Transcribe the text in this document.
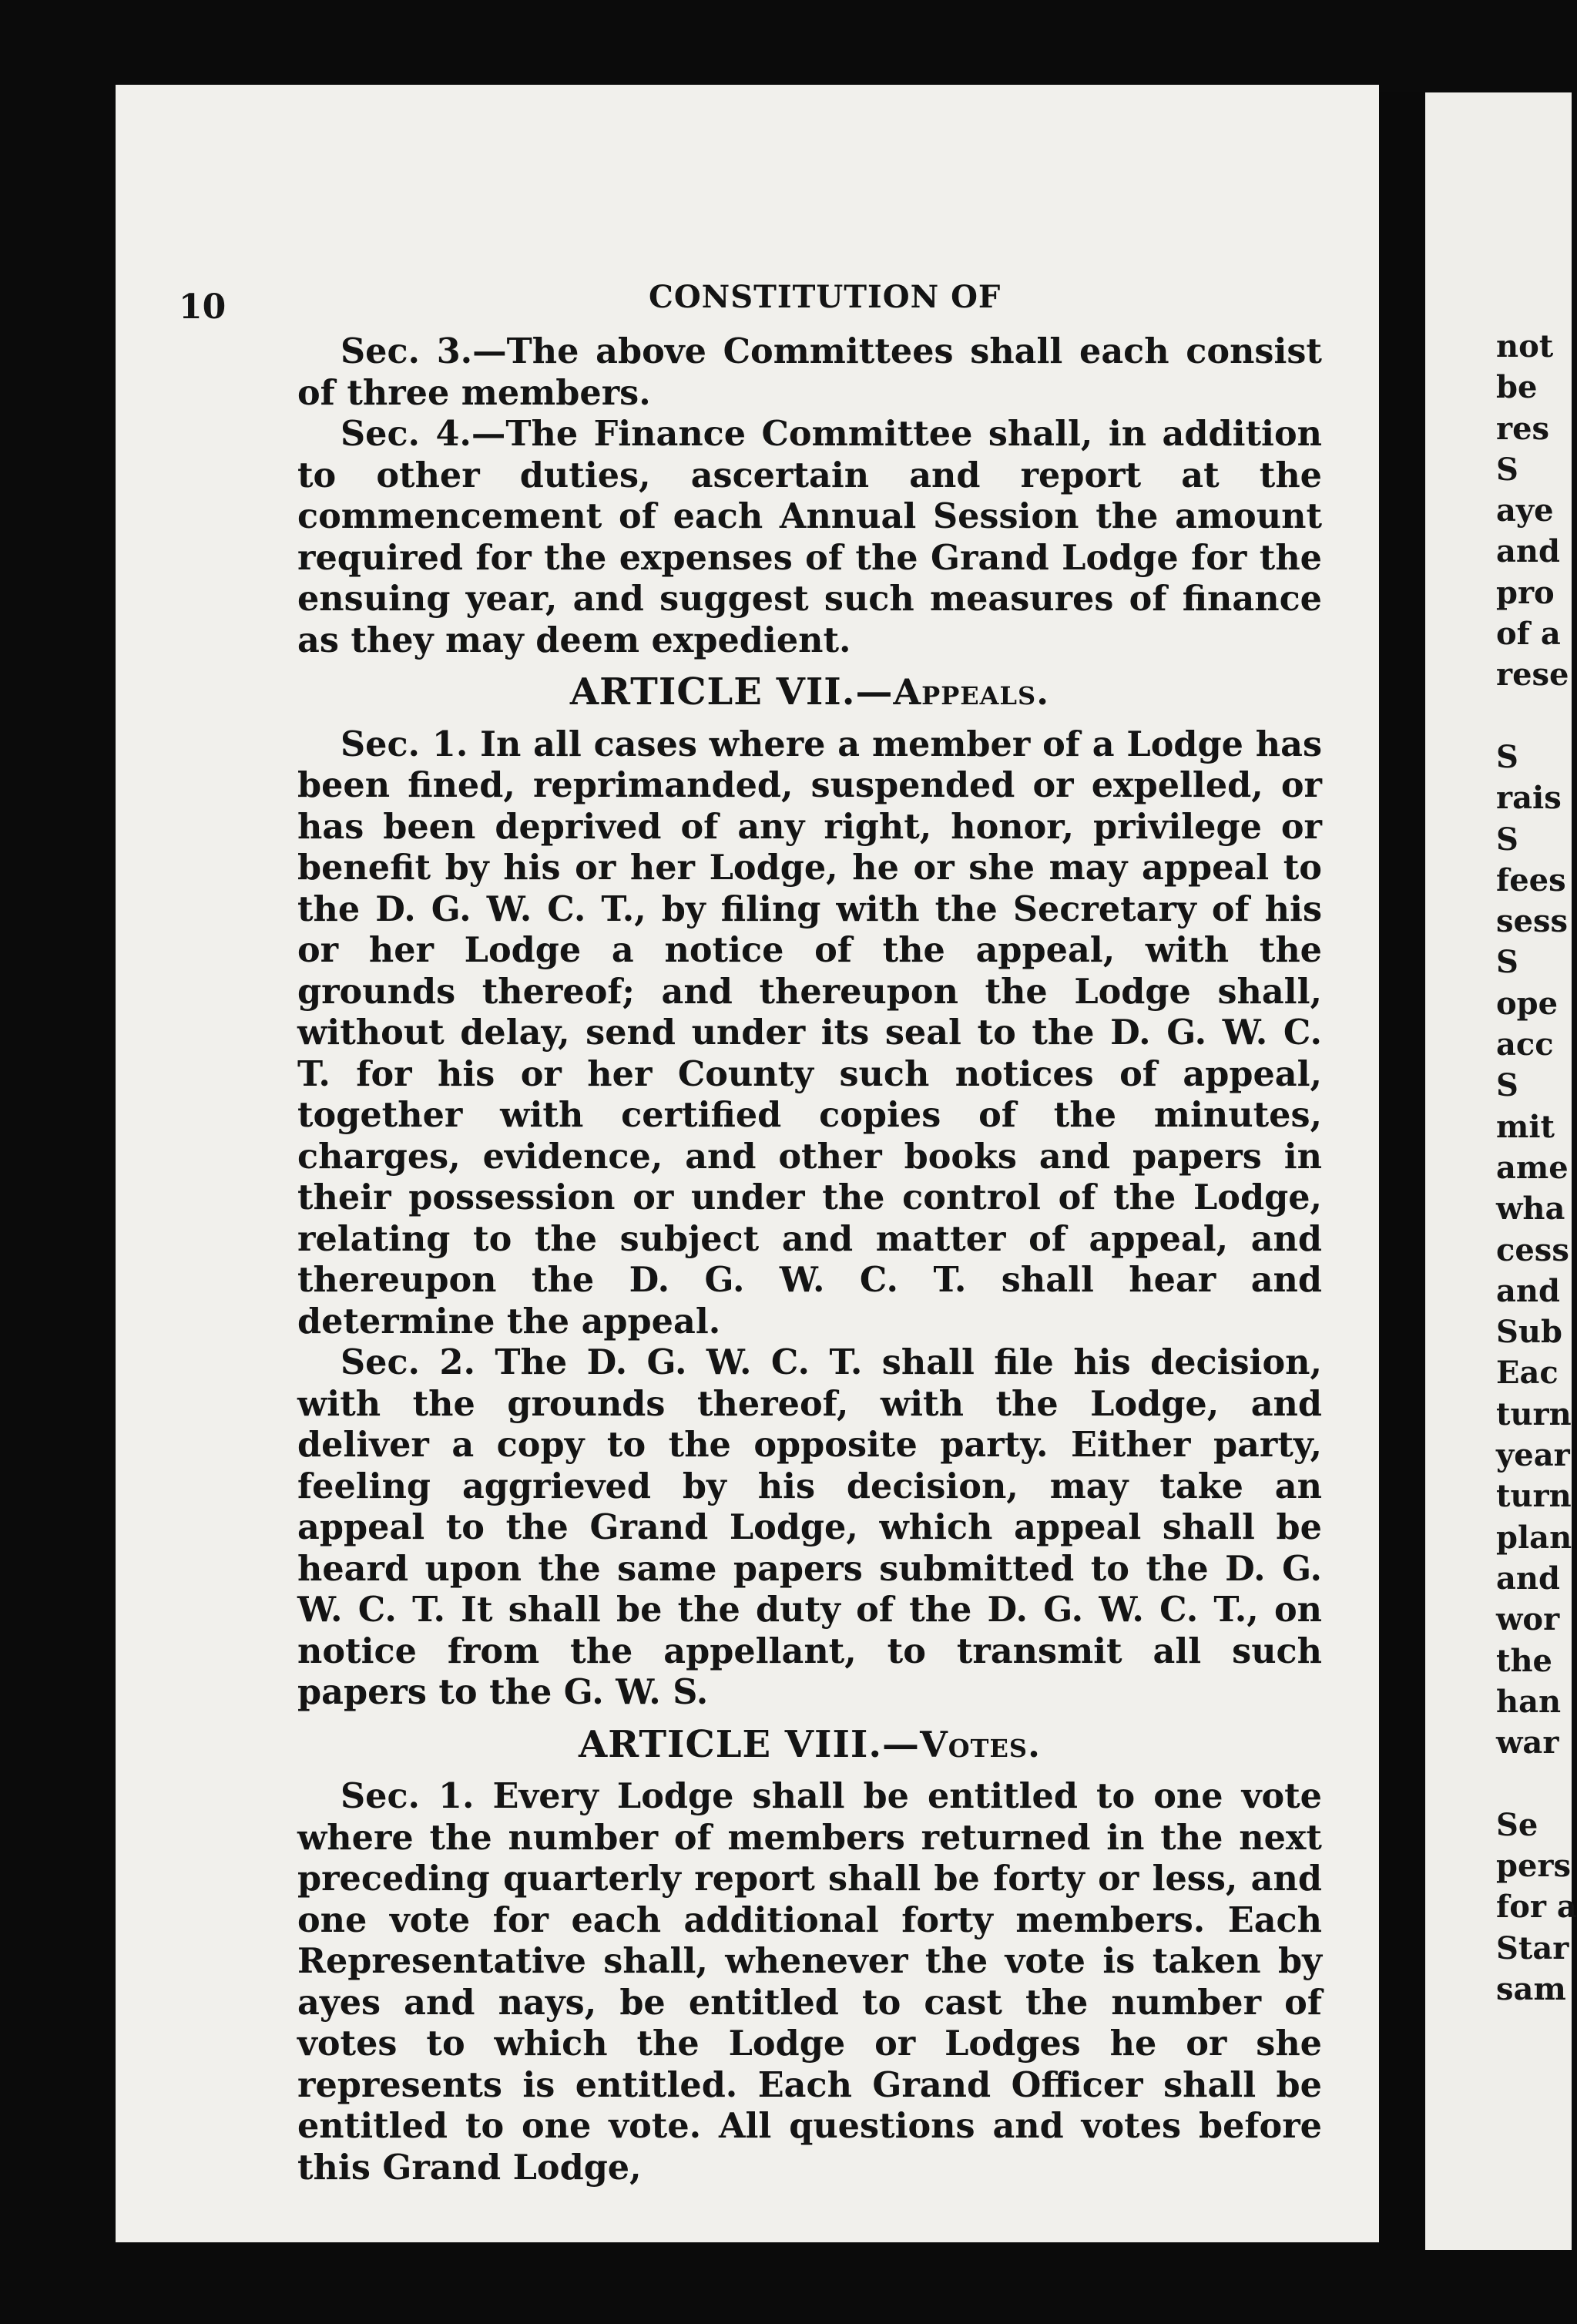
10	CONSTITUTION OF

Sec. 3.—The above Committees shall each consist of three members.

Sec. 4.—The Finance Committee shall, in addition to other duties, ascertain and report at the commencement of each Annual Session the amount required for the expenses of the Grand Lodge for the ensuing year, and suggest such measures of finance as they may deem expedient.

ARTICLE VII.—Appeals.

Sec. 1. In all cases where a member of a Lodge has been fined, reprimanded, suspended or expelled, or has been deprived of any right, honor, privilege or benefit by his or her Lodge, he or she may appeal to the D. G. W. C. T., by filing with the Secretary of his or her Lodge a notice of the appeal, with the grounds thereof; and thereupon the Lodge shall, without delay, send under its seal to the D. G. W. C. T. for his or her County such notices of appeal, together with certified copies of the minutes, charges, evidence, and other books and papers in their possession or under the control of the Lodge, relating to the subject and matter of appeal, and thereupon the D. G. W. C. T. shall hear and determine the appeal.

Sec. 2. The D. G. W. C. T. shall file his decision, with the grounds thereof, with the Lodge, and deliver a copy to the opposite party. Either party, feeling aggrieved by his decision, may take an appeal to the Grand Lodge, which appeal shall be heard upon the same papers submitted to the D. G. W. C. T. It shall be the duty of the D. G. W. C. T., on notice from the appellant, to transmit all such papers to the G. W. S.

ARTICLE VIII.—Votes.

Sec. 1. Every Lodge shall be entitled to one vote where the number of members returned in the next preceding quarterly report shall be forty or less, and one vote for each additional forty members. Each Representative shall, whenever the vote is taken by ayes and nays, be entitled to cast the number of votes to which the Lodge or Lodges he or she represents is entitled. Each Grand Officer shall be entitled to one vote. All questions and votes before this Grand Lodge,

not
be
res
S
aye
and
pro
of a
rese
S
rais
S
fees
sess
S
ope
acc
S
mit
ame
wha
cess
and
Sub
Eac
turn
year
turn
plan
and
wor
the
han
war
Se
pers
for a
Star
sam
